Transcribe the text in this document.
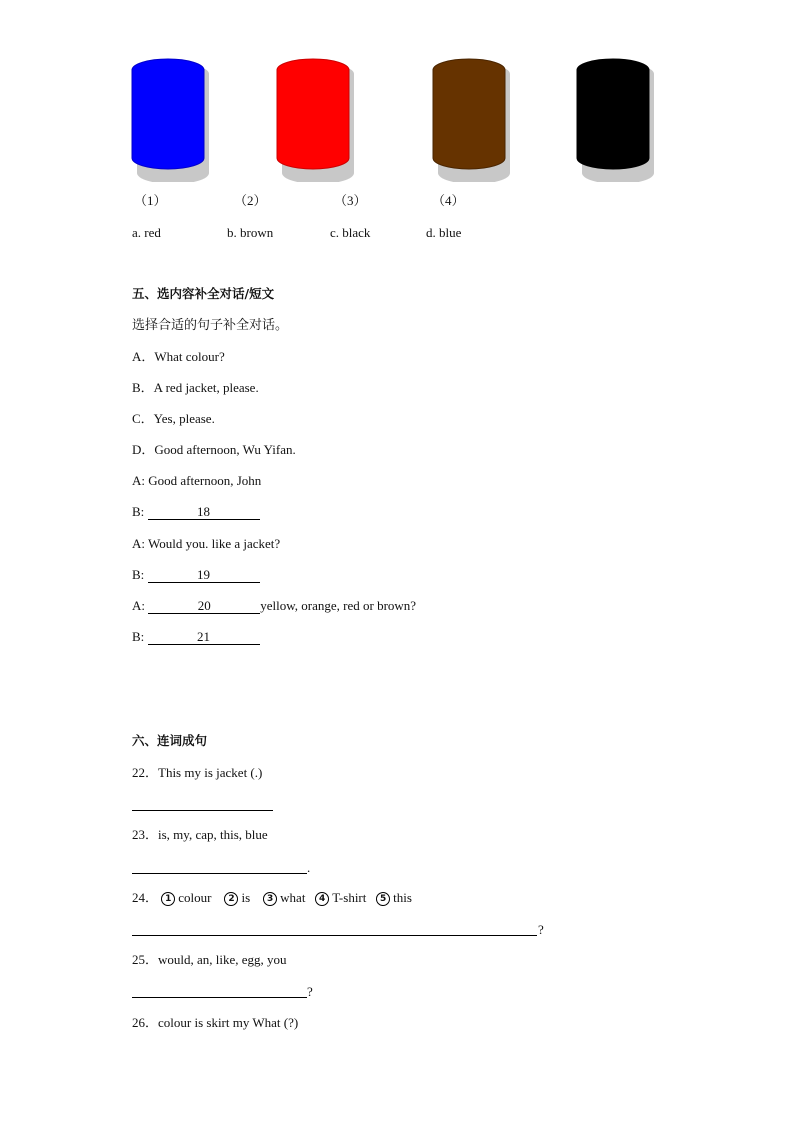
（1）	（2）	（3）	（4）
a. red	b. brown	c. black	d. blue
五、选内容补全对话/短文
选择合适的句子补全对话。
A．What colour?
B．A red jacket, please.
C．Yes, please.
D．Good afternoon, Wu Yifan.
A: Good afternoon, John
B:	18
A: Would you. like a jacket?
B:	19
A:	20	yellow, orange, red or brown?
B:	21
六、连词成句
22．This my is jacket (.)
23．is, my, cap, this, blue
.
24． 1 colour 2 is 3 what 4 T-shirt 5 this
?
25．would, an, like, egg, you
?
26．colour is skirt my What (?)
